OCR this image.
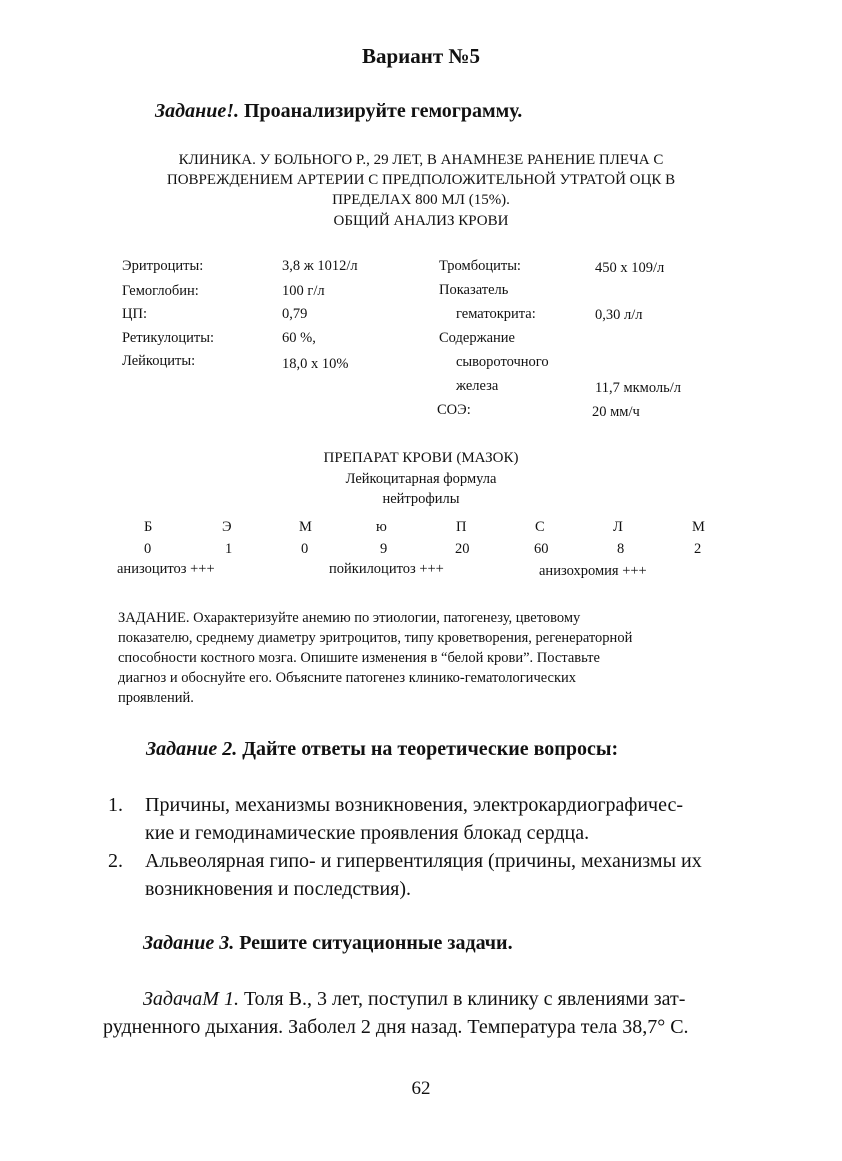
Вариант №5
Задание!. Проанализируйте гемограмму.
КЛИНИКА. У БОЛЬНОГО Р., 29 ЛЕТ, В АНАМНЕЗЕ РАНЕНИЕ ПЛЕЧА С
ПОВРЕЖДЕНИЕМ АРТЕРИИ С ПРЕДПОЛОЖИТЕЛЬНОЙ УТРАТОЙ ОЦК В
ПРЕДЕЛАХ 800 МЛ (15%).
ОБЩИЙ АНАЛИЗ КРОВИ
Эритроциты:	3,8 ж 1012/л
Гемоглобин:	100 г/л
ЦП:	0,79
Ретикулоциты:	60 %,
Лейкоциты:	18,0 х 10%
Тромбоциты:	450 х 109/л
Показатель
гематокрита:	0,30 л/л
Содержание
сывороточного
железа	11,7 мкмоль/л
СОЭ:	20 мм/ч
ПРЕПАРАТ КРОВИ (МАЗОК)
Лейкоцитарная формула
нейтрофилы
Б	Э	М	ю	П	С	Л	М
0	1	0	9	20	60	8	2
анизоцитоз +++	пойкилоцитоз +++	анизохромия +++
ЗАДАНИЕ. Охарактеризуйте анемию по этиологии, патогенезу, цветовому
показателю, среднему диаметру эритроцитов, типу кроветворения, регенераторной
способности костного мозга. Опишите изменения в “белой крови”. Поставьте
диагноз и обоснуйте его. Объясните патогенез клинико-гематологических
проявлений.
Задание 2. Дайте ответы на теоретические вопросы:
1. Причины, механизмы возникновения, электрокардиографичес-
кие и гемодинамические проявления блокад сердца.
2. Альвеолярная гипо- и гипервентиляция (причины, механизмы их
возникновения и последствия).
Задание 3. Решите ситуационные задачи.
ЗадачаМ 1. Толя В., 3 лет, поступил в клинику с явлениями зат-
рудненного дыхания. Заболел 2 дня назад. Температура тела 38,7° С.
62
